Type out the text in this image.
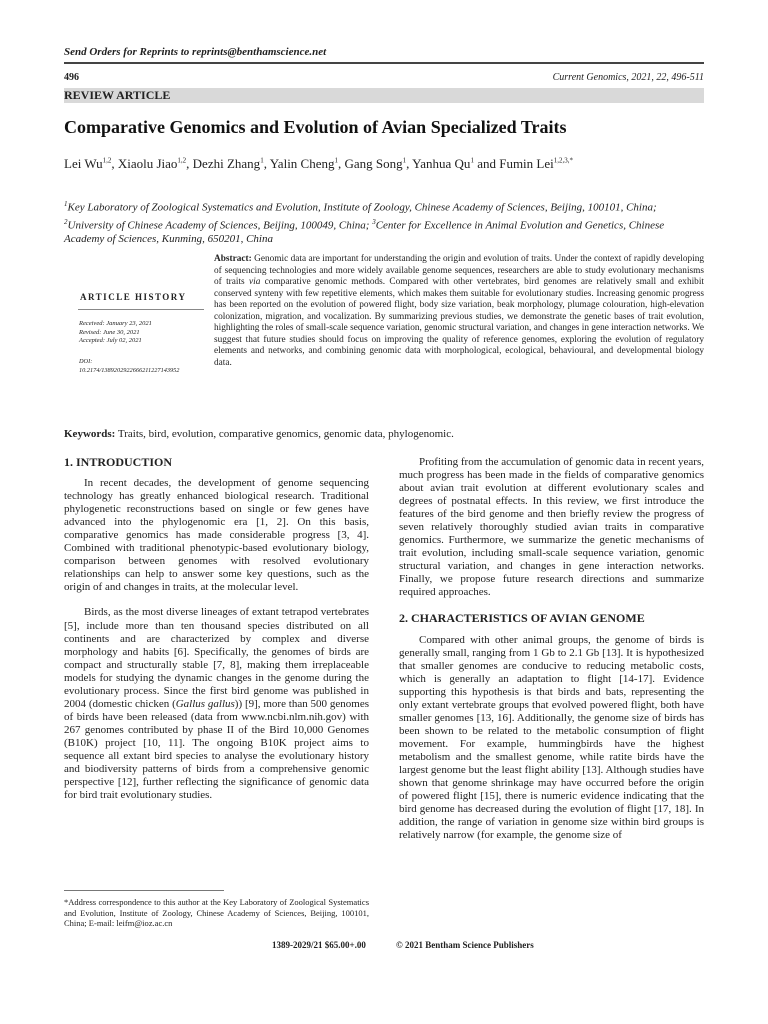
Send Orders for Reprints to reprints@benthamscience.net
496	Current Genomics, 2021, 22, 496-511
REVIEW ARTICLE
Comparative Genomics and Evolution of Avian Specialized Traits
Lei Wu$^{1,2}$, Xiaolu Jiao$^{1,2}$, Dezhi Zhang$^1$, Yalin Cheng$^1$, Gang Song$^1$, Yanhua Qu$^1$ and Fumin Lei$^{1,2,3,*}$
$^1$Key Laboratory of Zoological Systematics and Evolution, Institute of Zoology, Chinese Academy of Sciences, Beijing, 100101, China; $^2$University of Chinese Academy of Sciences, Beijing, 100049, China; $^3$Center for Excellence in Animal Evolution and Genetics, Chinese Academy of Sciences, Kunming, 650201, China
ARTICLE HISTORY
Received: January 23, 2021
Revised: June 30, 2021
Accepted: July 02, 2021
DOI:
10.2174/1389202922666211227143952
Abstract: Genomic data are important for understanding the origin and evolution of traits. Under the context of rapidly developing of sequencing technologies and more widely available genome sequences, researchers are able to study evolutionary mechanisms of traits via comparative genomic methods. Compared with other vertebrates, bird genomes are relatively small and exhibit conserved synteny with few repetitive elements, which makes them suitable for evolutionary studies. Increasing genomic progress has been reported on the evolution of powered flight, body size variation, beak morphology, plumage colouration, high-elevation colonization, migration, and vocalization. By summarizing previous studies, we demonstrate the genetic bases of trait evolution, highlighting the roles of small-scale sequence variation, genomic structural variation, and changes in gene interaction networks. We suggest that future studies should focus on improving the quality of reference genomes, exploring the evolution of regulatory elements and networks, and combining genomic data with morphological, ecological, behavioural, and developmental biology data.
Keywords: Traits, bird, evolution, comparative genomics, genomic data, phylogenomic.
1. INTRODUCTION

In recent decades, the development of genome sequencing technology has greatly enhanced biological research. Traditional phylogenetic reconstructions based on single or few genes have advanced into the phylogenomic era [1, 2]. On this basis, comparative genomics has made considerable progress [3, 4]. Combined with traditional phenotypic-based evolutionary biology, comparison between genomes with resolved evolutionary relationships can help to answer some key questions, such as the origin of and changes in traits, at the molecular level.

Birds, as the most diverse lineages of extant tetrapod vertebrates [5], include more than ten thousand species distributed on all continents and are characterized by complex and diverse morphology and habits [6]. Specifically, the genomes of birds are compact and structurally stable [7, 8], making them irreplaceable models for studying the dynamic changes in the genome during the evolutionary process. Since the first bird genome was published in 2004 (domestic chicken (Gallus gallus)) [9], more than 500 genomes of birds have been released (data from www.ncbi.nlm.nih.gov) with 267 genomes contributed by phase II of the Bird 10,000 Genomes (B10K) project [10, 11]. The ongoing B10K project aims to sequence all extant bird species to analyse the evolutionary history and biodiversity patterns of birds from a comprehensive genomic perspective [12], further reflecting the significance of genomic data for bird trait evolutionary studies.

Profiting from the accumulation of genomic data in recent years, much progress has been made in the fields of comparative genomics about avian trait evolution at different evolutionary scales and degrees of postnatal effects. In this review, we first introduce the features of the bird genome and then briefly review the progress of seven relatively thoroughly studied avian traits in comparative genomics. Furthermore, we summarize the genetic mechanisms of trait evolution, including small-scale sequence variation, genomic structural variation, and changes in gene interaction networks. Finally, we propose future research directions and summarize required approaches.

2. CHARACTERISTICS OF AVIAN GENOME

Compared with other animal groups, the genome of birds is generally small, ranging from 1 Gb to 2.1 Gb [13]. It is hypothesized that smaller genomes are conducive to reducing metabolic costs, which is generally an adaptation to flight [14-17]. Evidence supporting this hypothesis is that birds and bats, representing the only extant vertebrate groups that evolved powered flight, both have smaller genomes [13, 16]. Additionally, the genome size of birds has been shown to be related to the metabolic consumption of flight movement. For example, hummingbirds have the highest metabolism and the smallest genome, while ratite birds have the largest genome but the least flight ability [13]. Although studies have shown that genome shrinkage may have occurred before the origin of powered flight [15], there is numeric evidence indicating that the bird genome has decreased during the evolution of flight [17, 18]. In addition, the range of variation in genome size within bird groups is relatively narrow (for example, the genome size of

*Address correspondence to this author at the Key Laboratory of Zoological Systematics and Evolution, Institute of Zoology, Chinese Academy of Sciences, Beijing, 100101, China; E-mail: leifm@ioz.ac.cn
1389-2029/21 $65.00+.00	© 2021 Bentham Science Publishers
